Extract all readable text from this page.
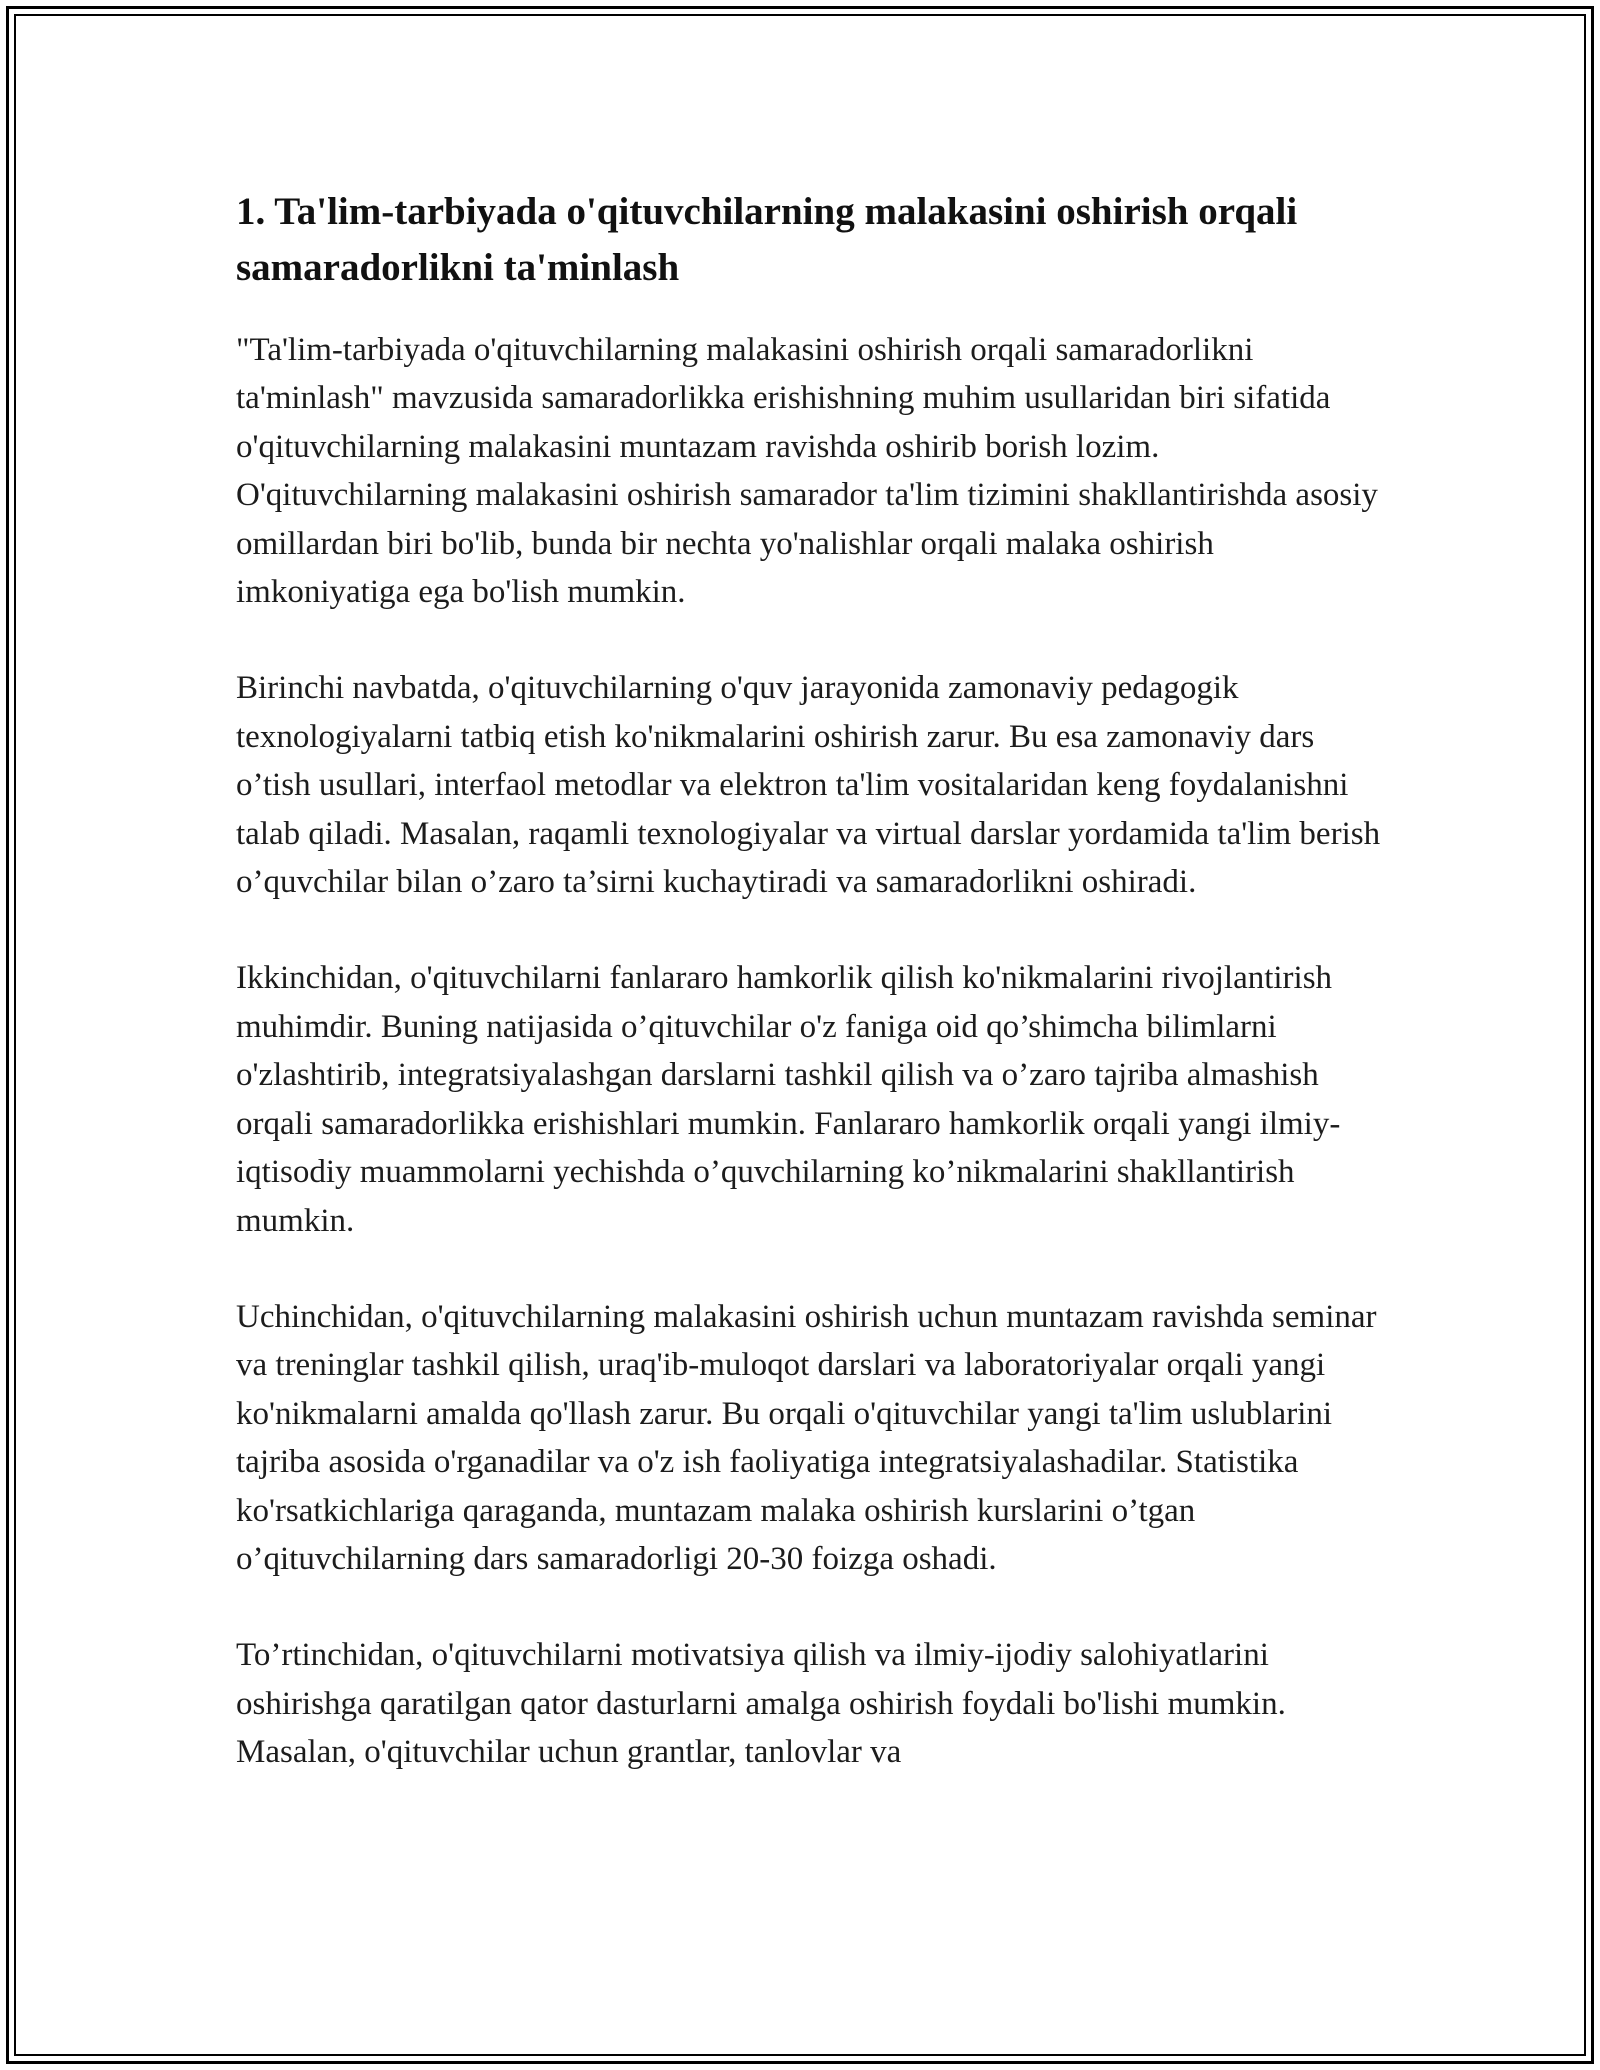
1. Ta'lim-tarbiyada o'qituvchilarning malakasini oshirish orqali samaradorlikni ta'minlash

"Ta'lim-tarbiyada o'qituvchilarning malakasini oshirish orqali samaradorlikni ta'minlash" mavzusida samaradorlikka erishishning muhim usullaridan biri sifatida o'qituvchilarning malakasini muntazam ravishda oshirib borish lozim. O'qituvchilarning malakasini oshirish samarador ta'lim tizimini shakllantirishda asosiy omillardan biri bo'lib, bunda bir nechta yo'nalishlar orqali malaka oshirish imkoniyatiga ega bo'lish mumkin.

Birinchi navbatda, o'qituvchilarning o'quv jarayonida zamonaviy pedagogik texnologiyalarni tatbiq etish ko'nikmalarini oshirish zarur. Bu esa zamonaviy dars o’tish usullari, interfaol metodlar va elektron ta'lim vositalaridan keng foydalanishni talab qiladi. Masalan, raqamli texnologiyalar va virtual darslar yordamida ta'lim berish o’quvchilar bilan o’zaro ta’sirni kuchaytiradi va samaradorlikni oshiradi.

Ikkinchidan, o'qituvchilarni fanlararo hamkorlik qilish ko'nikmalarini rivojlantirish muhimdir. Buning natijasida o’qituvchilar o'z faniga oid qo’shimcha bilimlarni o'zlashtirib, integratsiyalashgan darslarni tashkil qilish va o’zaro tajriba almashish orqali samaradorlikka erishishlari mumkin. Fanlararo hamkorlik orqali yangi ilmiy-iqtisodiy muammolarni yechishda o’quvchilarning ko’nikmalarini shakllantirish mumkin.

Uchinchidan, o'qituvchilarning malakasini oshirish uchun muntazam ravishda seminar va treninglar tashkil qilish, uraq'ib-muloqot darslari va laboratoriyalar orqali yangi ko'nikmalarni amalda qo'llash zarur. Bu orqali o'qituvchilar yangi ta'lim uslublarini tajriba asosida o'rganadilar va o'z ish faoliyatiga integratsiyalashadilar. Statistika ko'rsatkichlariga qaraganda, muntazam malaka oshirish kurslarini o’tgan o’qituvchilarning dars samaradorligi 20-30 foizga oshadi.

To’rtinchidan, o'qituvchilarni motivatsiya qilish va ilmiy-ijodiy salohiyatlarini oshirishga qaratilgan qator dasturlarni amalga oshirish foydali bo'lishi mumkin. Masalan, o'qituvchilar uchun grantlar, tanlovlar va
